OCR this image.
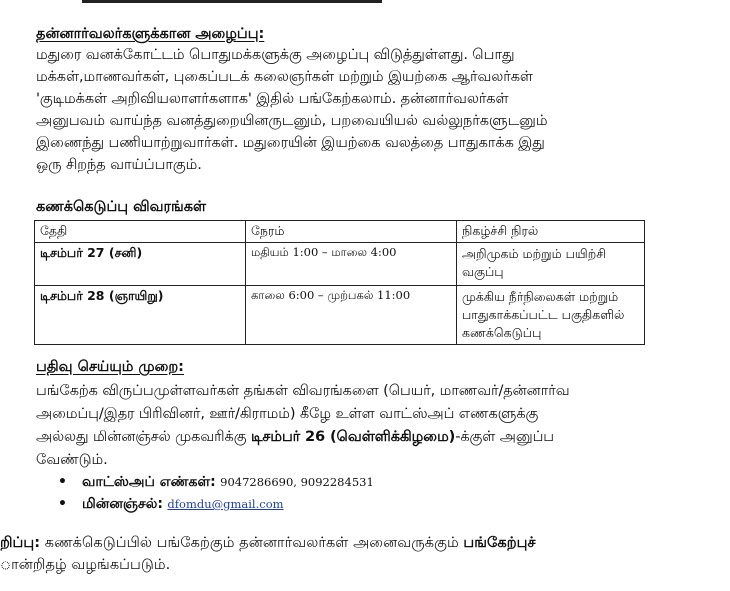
தன்னார்வலர்களுக்கான அழைப்பு:
மதுரை வனக்கோட்டம் பொதுமக்களுக்கு அழைப்பு விடுத்துள்ளது. பொது
மக்கள்,மாணவர்கள், புகைப்படக் கலைஞர்கள் மற்றும் இயற்கை ஆர்வலர்கள்
'குடிமக்கள் அறிவியலாளர்களாக' இதில் பங்கேற்கலாம். தன்னார்வலர்கள்
அனுபவம் வாய்ந்த வனத்துறையினருடனும், பறவையியல் வல்லுநர்களுடனும்
இணைந்து பணியாற்றுவார்கள். மதுரையின் இயற்கை வலத்தை பாதுகாக்க இது
ஒரு சிறந்த வாய்ப்பாகும்.
கணக்கெடுப்பு விவரங்கள்
தேதி	நேரம்	நிகழ்ச்சி நிரல்
டிசம்பர் 27 (சனி)	மதியம் 1:00 – மாலை 4:00	அறிமுகம் மற்றும் பயிற்சி
வகுப்பு

டிசம்பர் 28 (ஞாயிறு)	காலை 6:00 – முற்பகல் 11:00	முக்கிய நீர்நிலைகள் மற்றும்
பாதுகாக்கப்பட்ட பகுதிகளில்
கணக்கெடுப்பு
பதிவு செய்யும் முறை:
பங்கேற்க விருப்பமுள்ளவர்கள் தங்கள் விவரங்களை (பெயர், மாணவர்/தன்னார்வ
அமைப்பு/இதர பிரிவினர், ஊர்/கிராமம்) கீழே உள்ள வாட்ஸ்அப் எணகளுக்கு
அல்லது மின்னஞ்சல் முகவரிக்கு டிசம்பர் 26 (வெள்ளிக்கிழமை)-க்குள் அனுப்ப
வேண்டும்.
• வாட்ஸ்அப் எண்கள்: 9047286690, 9092284531
• மின்னஞ்சல்: dfomdu@gmail.com
றிப்பு: கணக்கெடுப்பில் பங்கேற்கும் தன்னார்வலர்கள் அனைவருக்கும் பங்கேற்புச்
ான்றிதழ் வழங்கப்படும்.
